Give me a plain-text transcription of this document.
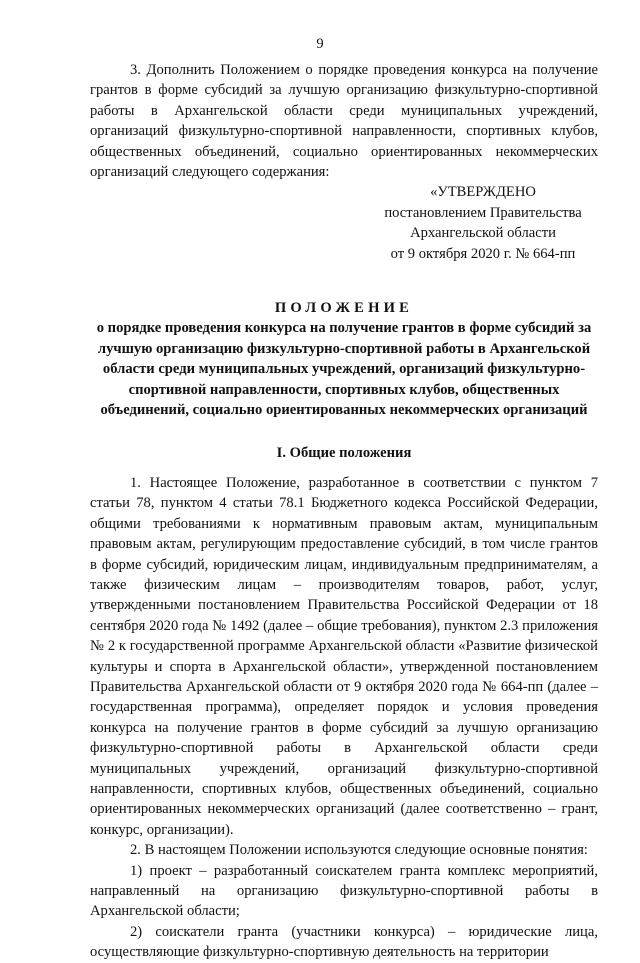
9

3. Дополнить Положением о порядке проведения конкурса на получение грантов в форме субсидий за лучшую организацию физкультурно-спортивной работы в Архангельской области среди муниципальных учреждений, организаций физкультурно-спортивной направленности, спортивных клубов, общественных объединений, социально ориентированных некоммерческих организаций следующего содержания:

«УТВЕРЖДЕНО
постановлением Правительства
Архангельской области
от 9 октября 2020 г. № 664-пп
ПОЛОЖЕНИЕ

о порядке проведения конкурса на получение грантов в форме субсидий за лучшую организацию физкультурно-спортивной работы в Архангельской области среди муниципальных учреждений, организаций физкультурно-спортивной направленности, спортивных клубов, общественных объединений, социально ориентированных некоммерческих организаций

I. Общие положения

1. Настоящее Положение, разработанное в соответствии с пунктом 7 статьи 78, пунктом 4 статьи 78.1 Бюджетного кодекса Российской Федерации, общими требованиями к нормативным правовым актам, муниципальным правовым актам, регулирующим предоставление субсидий, в том числе грантов в форме субсидий, юридическим лицам, индивидуальным предпринимателям, а также физическим лицам – производителям товаров, работ, услуг, утвержденными постановлением Правительства Российской Федерации от 18 сентября 2020 года № 1492 (далее – общие требования), пунктом 2.3 приложения № 2 к государственной программе Архангельской области «Развитие физической культуры и спорта в Архангельской области», утвержденной постановлением Правительства Архангельской области от 9 октября 2020 года № 664-пп (далее – государственная программа), определяет порядок и условия проведения конкурса на получение грантов в форме субсидий за лучшую организацию физкультурно-спортивной работы в Архангельской области среди муниципальных учреждений, организаций физкультурно-спортивной направленности, спортивных клубов, общественных объединений, социально ориентированных некоммерческих организаций (далее соответственно – грант, конкурс, организации).

2. В настоящем Положении используются следующие основные понятия:

1) проект – разработанный соискателем гранта комплекс мероприятий, направленный на организацию физкультурно-спортивной работы в Архангельской области;

2) соискатели гранта (участники конкурса) – юридические лица, осуществляющие физкультурно-спортивную деятельность на территории
